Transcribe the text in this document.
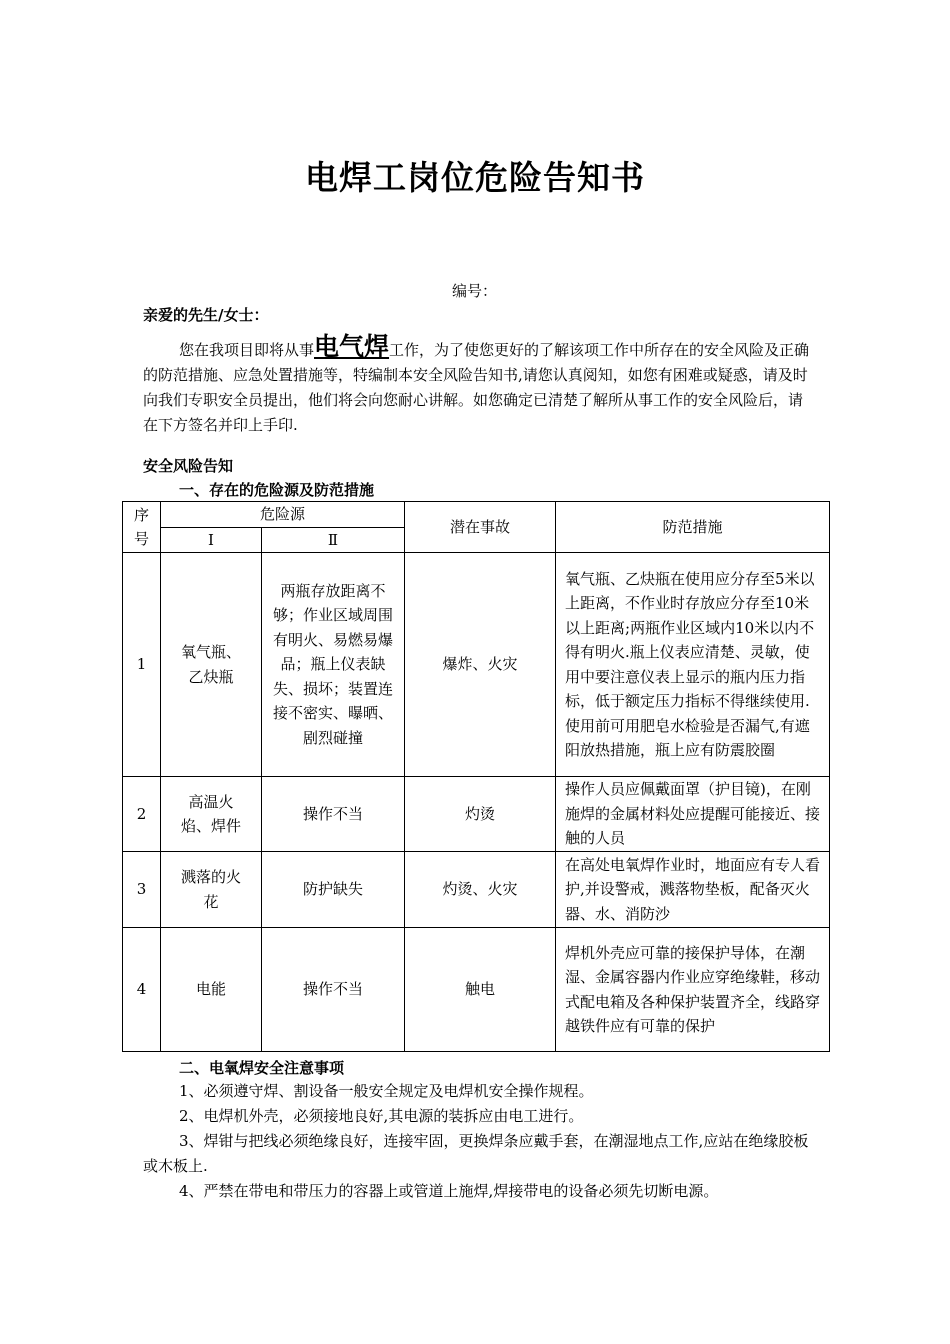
电焊工岗位危险告知书
编号：
亲爱的先生/女士：
您在我项目即将从事电气焊工作，为了使您更好的了解该项工作中所存在的安全风险及正确的防范措施、应急处置措施等，特编制本安全风险告知书,请您认真阅知，如您有困难或疑惑，请及时向我们专职安全员提出，他们将会向您耐心讲解。如您确定已清楚了解所从事工作的安全风险后，请在下方签名并印上手印.
安全风险告知
一、存在的危险源及防范措施
序号	危险源		潜在事故	防范措施
	Ⅰ	Ⅱ		
1	氧气瓶、乙炔瓶	两瓶存放距离不够；作业区域周围有明火、易燃易爆品；瓶上仪表缺失、损坏；装置连接不密实、曝晒、剧烈碰撞	爆炸、火灾	氧气瓶、乙炔瓶在使用应分存至5米以上距离，不作业时存放应分存至10米以上距离;两瓶作业区域内10米以内不得有明火.瓶上仪表应清楚、灵敏，使用中要注意仪表上显示的瓶内压力指标，低于额定压力指标不得继续使用.使用前可用肥皂水检验是否漏气,有遮阳放热措施，瓶上应有防震胶圈
2	高温火焰、焊件	操作不当	灼烫	操作人员应佩戴面罩（护目镜)，在刚施焊的金属材料处应提醒可能接近、接触的人员
3	溅落的火花	防护缺失	灼烫、火灾	在高处电氧焊作业时，地面应有专人看护,并设警戒，溅落物垫板，配备灭火器、水、消防沙
4	电能	操作不当	触电	焊机外壳应可靠的接保护导体，在潮湿、金属容器内作业应穿绝缘鞋，移动式配电箱及各种保护装置齐全，线路穿越铁件应有可靠的保护
二、电氧焊安全注意事项

1、必须遵守焊、割设备一般安全规定及电焊机安全操作规程。

2、电焊机外壳，必须接地良好,其电源的装拆应由电工进行。

3、焊钳与把线必须绝缘良好，连接牢固，更换焊条应戴手套，在潮湿地点工作,应站在绝缘胶板或木板上.

4、严禁在带电和带压力的容器上或管道上施焊,焊接带电的设备必须先切断电源。
